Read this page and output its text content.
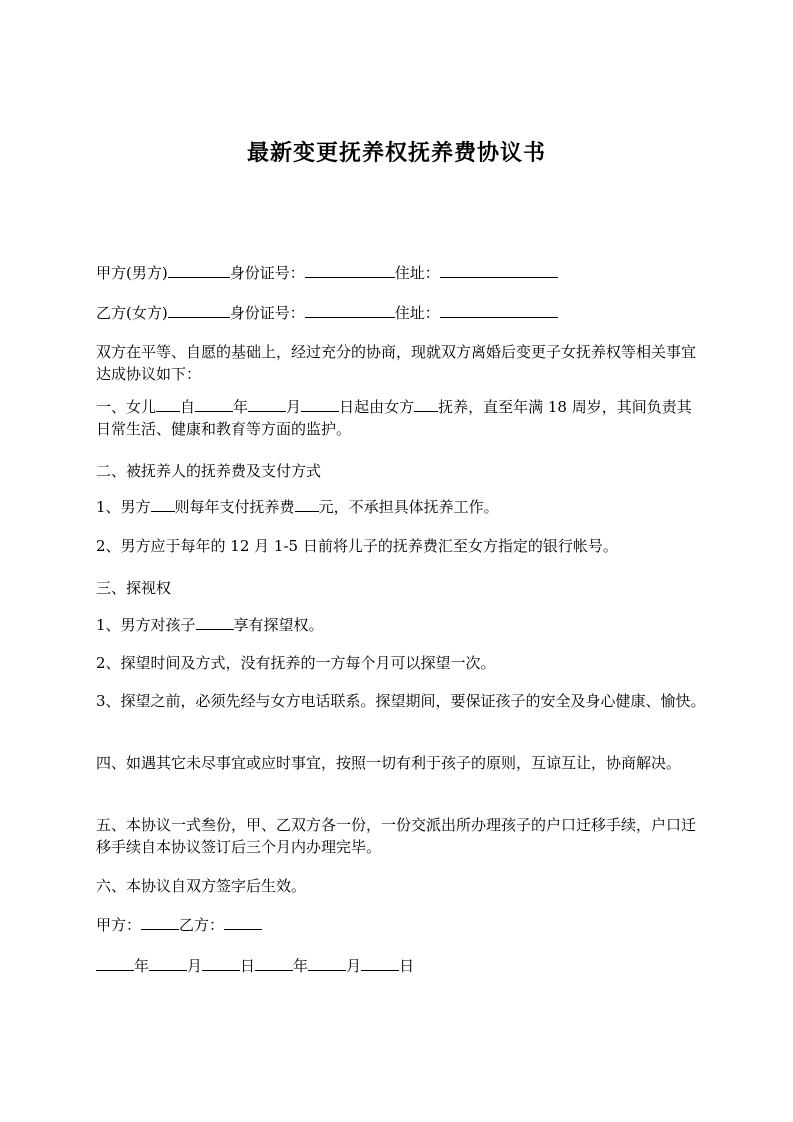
最新变更抚养权抚养费协议书
甲方(男方)	身份证号：	住址：
乙方(女方)	身份证号：	住址：
双方在平等、自愿的基础上，经过充分的协商，现就双方离婚后变更子女抚养权等相关事宜达成协议如下：
一、女儿 自	年	月	日起由女方 抚养，直至年满 18 周岁，其间负责其日常生活、健康和教育等方面的监护。
二、被抚养人的抚养费及支付方式
1、男方 则每年支付抚养费 元，不承担具体抚养工作。
2、男方应于每年的 12 月 1-5 日前将儿子的抚养费汇至女方指定的银行帐号。
三、探视权
1、男方对孩子	享有探望权。
2、探望时间及方式，没有抚养的一方每个月可以探望一次。
3、探望之前，必须先经与女方电话联系。探望期间，要保证孩子的安全及身心健康、愉快。
四、如遇其它未尽事宜或应时事宜，按照一切有利于孩子的原则，互谅互让，协商解决。
五、本协议一式叁份，甲、乙双方各一份，一份交派出所办理孩子的户口迁移手续，户口迁移手续自本协议签订后三个月内办理完毕。
六、本协议自双方签字后生效。
甲方：	乙方：
年	月	日	年	月	日
